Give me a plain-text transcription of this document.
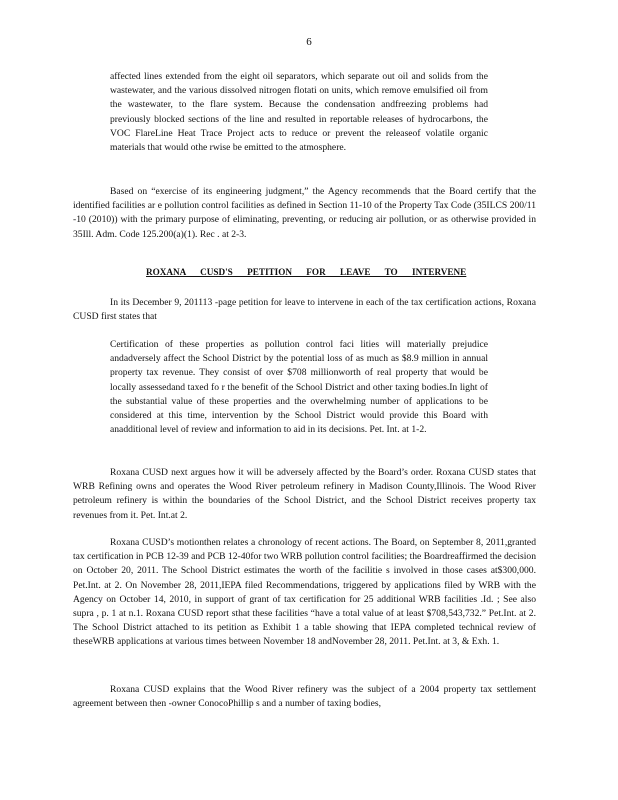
6
affected lines extended from the eight oil separators, which separate out oil and solids from the wastewater, and the various dissolved nitrogen flotati on units, which remove emulsified oil from the wastewater, to the flare system. Because the condensation andfreezing problems had previously blocked sections of the line and resulted in reportable releases of hydrocarbons, the VOC FlareLine Heat Trace Project acts to reduce or prevent the releaseof volatile organic materials that would othe rwise be emitted to the atmosphere.
Based on “exercise of its engineering judgment,” the Agency recommends that the Board certify that the identified facilities ar e pollution control facilities as defined in Section 11-10 of the Property Tax Code (35ILCS 200/11 -10 (2010)) with the primary purpose of eliminating, preventing, or reducing air pollution, or as otherwise provided in 35Ill. Adm. Code 125.200(a)(1). Rec . at 2-3.
ROXANA CUSD'S PETITION FOR LEAVE TO INTERVENE
In its December 9, 201113 -page petition for leave to intervene in each of the tax certification actions, Roxana CUSD first states that
Certification of these properties as pollution control faci lities will materially prejudice andadversely affect the School District by the potential loss of as much as $8.9 million in annual property tax revenue. They consist of over $708 millionworth of real property that would be locally assessedand taxed fo r the benefit of the School District and other taxing bodies.In light of the substantial value of these properties and the overwhelming number of applications to be considered at this time, intervention by the School District would provide this Board with anadditional level of review and information to aid in its decisions. Pet. Int. at 1-2.
Roxana CUSD next argues how it will be adversely affected by the Board’s order. Roxana CUSD states that WRB Refining owns and operates the Wood River petroleum refinery in Madison County,Illinois. The Wood River petroleum refinery is within the boundaries of the School District, and the School District receives property tax revenues from it. Pet. Int.at 2.
Roxana CUSD’s motionthen relates a chronology of recent actions. The Board, on September 8, 2011,granted tax certification in PCB 12-39 and PCB 12-40for two WRB pollution control facilities; the Boardreaffirmed the decision on October 20, 2011. The School District estimates the worth of the facilitie s involved in those cases at$300,000. Pet.Int. at 2. On November 28, 2011,IEPA filed Recommendations, triggered by applications filed by WRB with the Agency on October 14, 2010, in support of grant of tax certification for 25 additional WRB facilities .Id. ; See also supra , p. 1 at n.1. Roxana CUSD report sthat these facilities “have a total value of at least $708,543,732.” Pet.Int. at 2. The School District attached to its petition as Exhibit 1 a table showing that IEPA completed technical review of theseWRB applications at various times between November 18 andNovember 28, 2011. Pet.Int. at 3, & Exh. 1.
Roxana CUSD explains that the Wood River refinery was the subject of a 2004 property tax settlement agreement between then -owner ConocoPhillip s and a number of taxing bodies,
